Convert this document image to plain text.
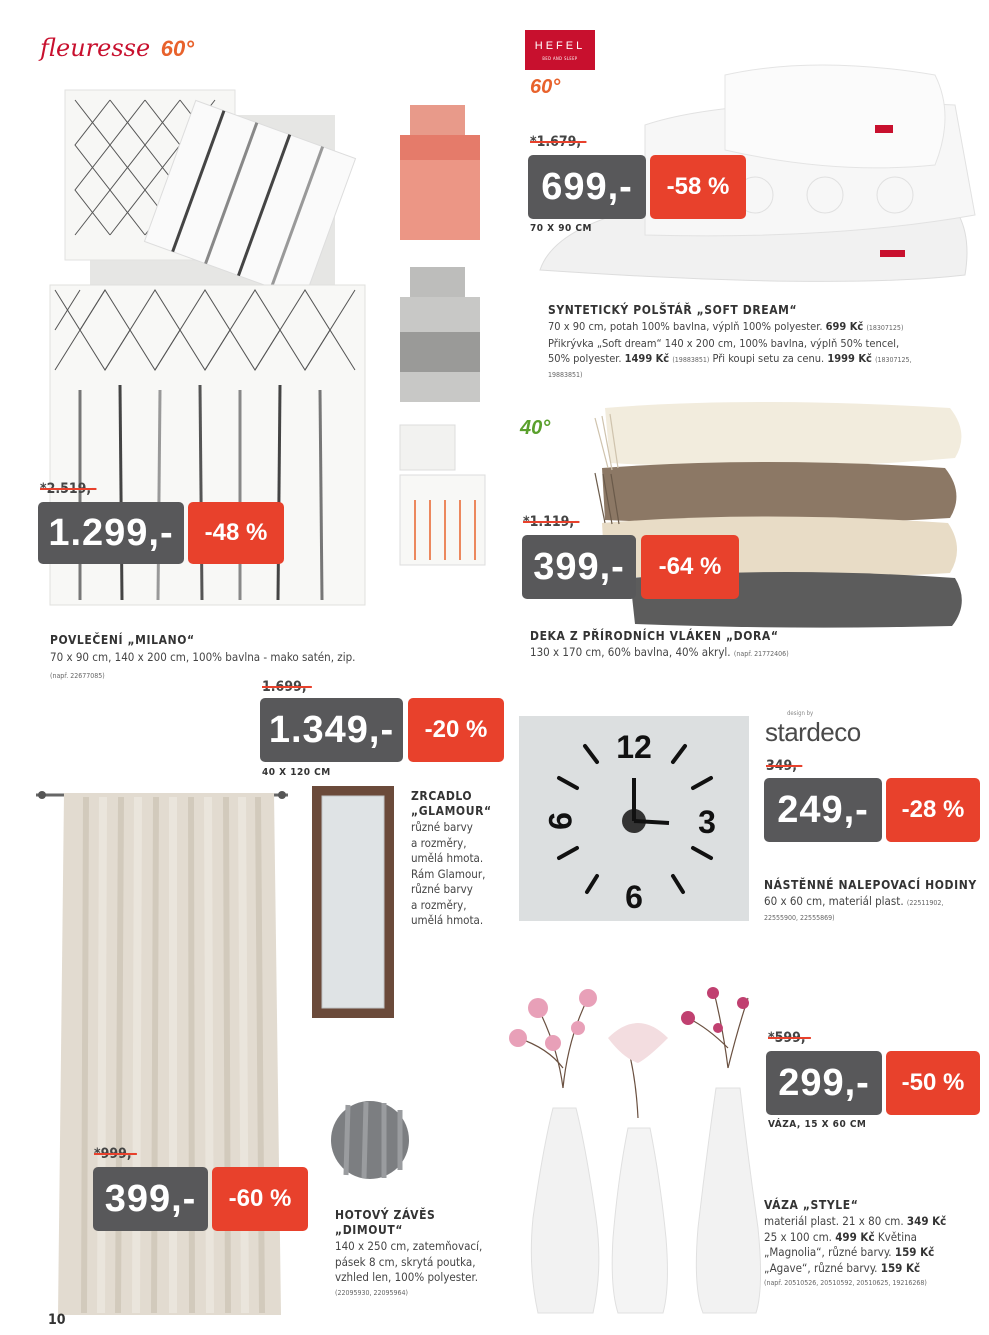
fleuresse 60°
*2.519,-
1.299,-	-48 %
POVLEČENÍ „MILANO“
70 x 90 cm, 140 x 200 cm, 100% bavlna - mako satén, zip.
(např. 22677085)
HEFEL
BED AND SLEEP
60°
*1.679,-
699,-	-58 %
70 X 90 CM
SYNTETICKÝ POLŠTÁŘ „SOFT DREAM“
70 x 90 cm, potah 100% bavlna, výplň 100% polyester. 699 Kč (18307125)
Přikrývka „Soft dream“ 140 x 200 cm, 100% bavlna, výplň 50% tencel,
50% polyester. 1499 Kč (19883851) Při koupi setu za cenu. 1999 Kč (18307125,
19883851)
40°
*1.119,-
399,-	-64 %
DEKA Z PŘÍRODNÍCH VLÁKEN „DORA“
130 x 170 cm, 60% bavlna, 40% akryl. (např. 21772406)
1.699,-
1.349,-	-20 %
40 X 120 CM
ZRCADLO
„GLAMOUR“
různé barvy
a rozměry,
umělá hmota.
Rám Glamour,
různé barvy
a rozměry,
umělá hmota.
12
3
6
9
design by
stardeco
349,-
249,-	-28 %
NÁSTĚNNÉ NALEPOVACÍ HODINY
60 x 60 cm, materiál plast. (22511902,
22555900, 22555869)
*999,-
399,-	-60 %
HOTOVÝ ZÁVĚS
„DIMOUT“
140 x 250 cm, zatemňovací,
pásek 8 cm, skrytá poutka,
vzhled len, 100% polyester.
(22095930, 22095964)
*599,-
299,-	-50 %
VÁZA, 15 X 60 CM
VÁZA „STYLE“
materiál plast. 21 x 80 cm. 349 Kč
25 x 100 cm. 499 Kč Květina
„Magnolia“, různé barvy. 159 Kč
„Agave“, různé barvy. 159 Kč
(např. 20510526, 20510592, 20510625, 19216268)
10
